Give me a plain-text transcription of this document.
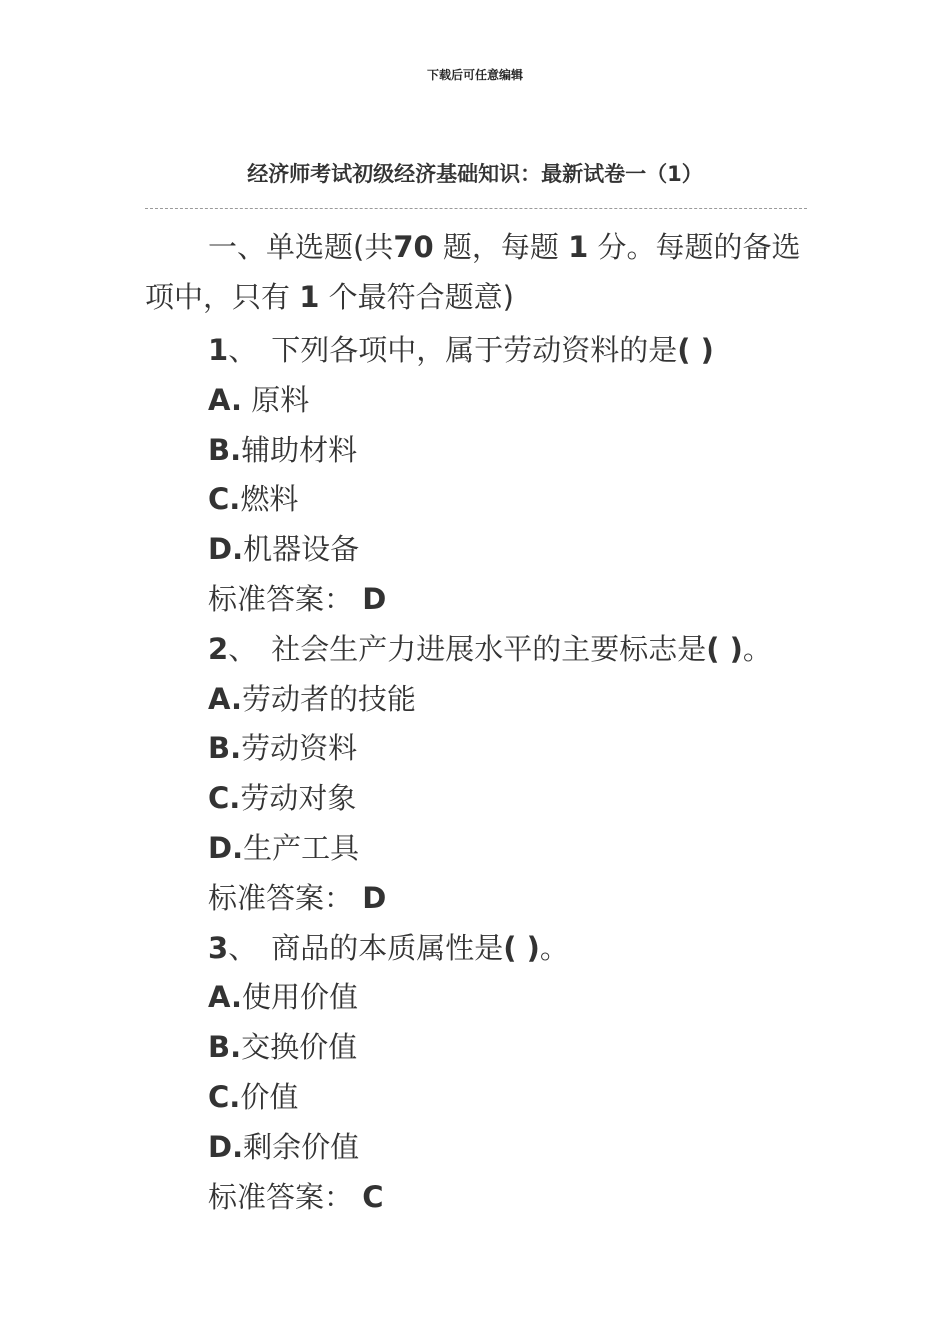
下载后可任意编辑
经济师考试初级经济基础知识：最新试卷一（1）

一、单选题(共70 题，每题 1 分。每题的备选项中，只有 1 个最符合题意)

1、 下列各项中，属于劳动资料的是( )
A. 原料
B.辅助材料
C.燃料
D.机器设备
标准答案： D
2、 社会生产力进展水平的主要标志是( )。
A.劳动者的技能
B.劳动资料
C.劳动对象
D.生产工具
标准答案： D
3、 商品的本质属性是( )。
A.使用价值
B.交换价值
C.价值
D.剩余价值
标准答案： C
